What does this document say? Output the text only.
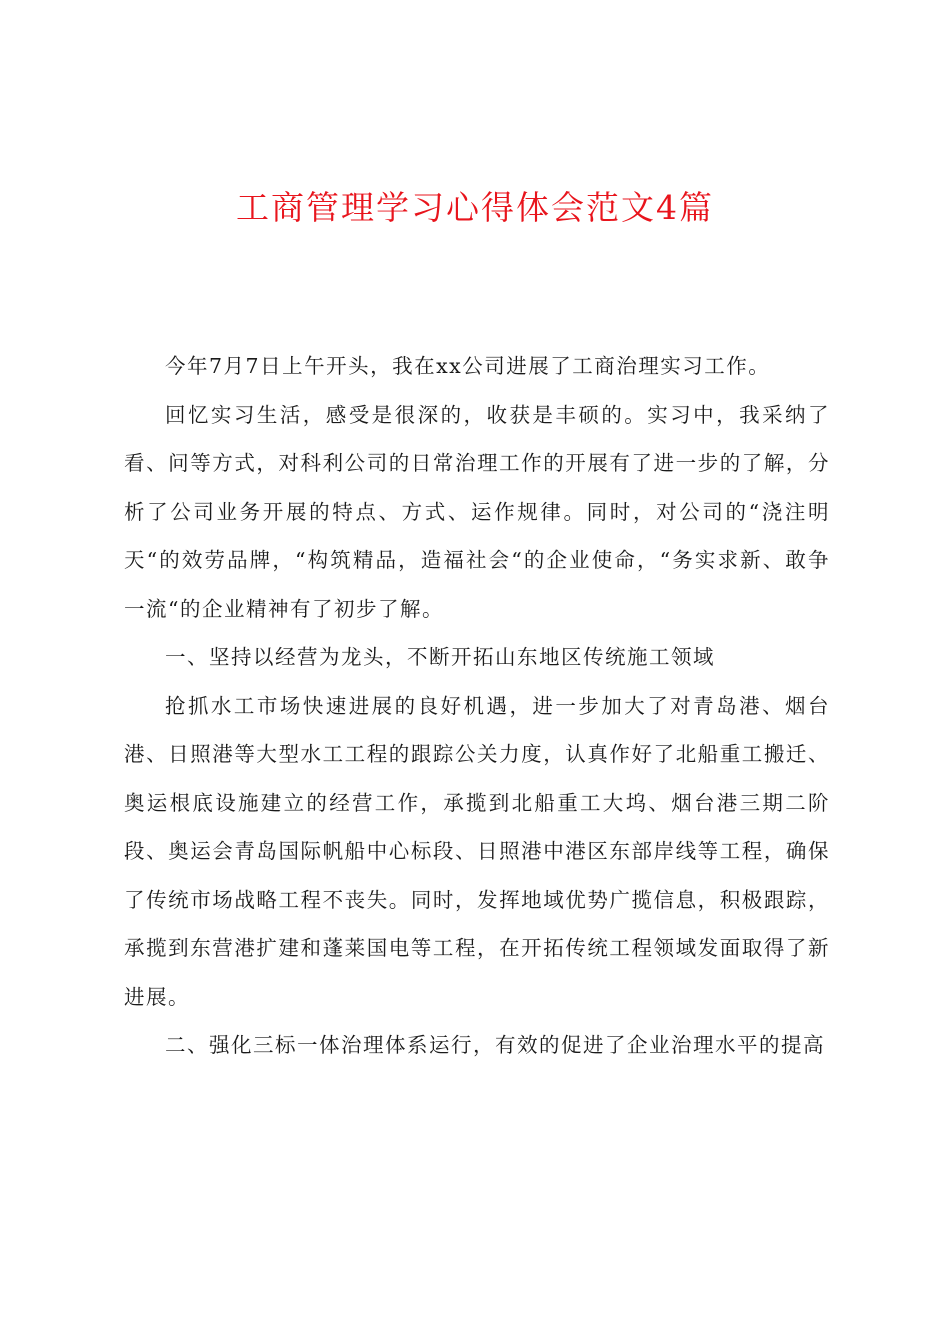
工商管理学习心得体会范文4篇

今年7月7日上午开头，我在xx公司进展了工商治理实习工作。

回忆实习生活，感受是很深的，收获是丰硕的。实习中，我采纳了看、问等方式，对科利公司的日常治理工作的开展有了进一步的了解，分析了公司业务开展的特点、方式、运作规律。同时，对公司的“浇注明天“的效劳品牌，“构筑精品，造福社会“的企业使命，“务实求新、敢争一流“的企业精神有了初步了解。

一、坚持以经营为龙头，不断开拓山东地区传统施工领域

抢抓水工市场快速进展的良好机遇，进一步加大了对青岛港、烟台港、日照港等大型水工工程的跟踪公关力度，认真作好了北船重工搬迁、奥运根底设施建立的经营工作，承揽到北船重工大坞、烟台港三期二阶段、奥运会青岛国际帆船中心标段、日照港中港区东部岸线等工程，确保了传统市场战略工程不丧失。同时，发挥地域优势广揽信息，积极跟踪，承揽到东营港扩建和蓬莱国电等工程，在开拓传统工程领域发面取得了新进展。

二、强化三标一体治理体系运行，有效的促进了企业治理水平的提高
